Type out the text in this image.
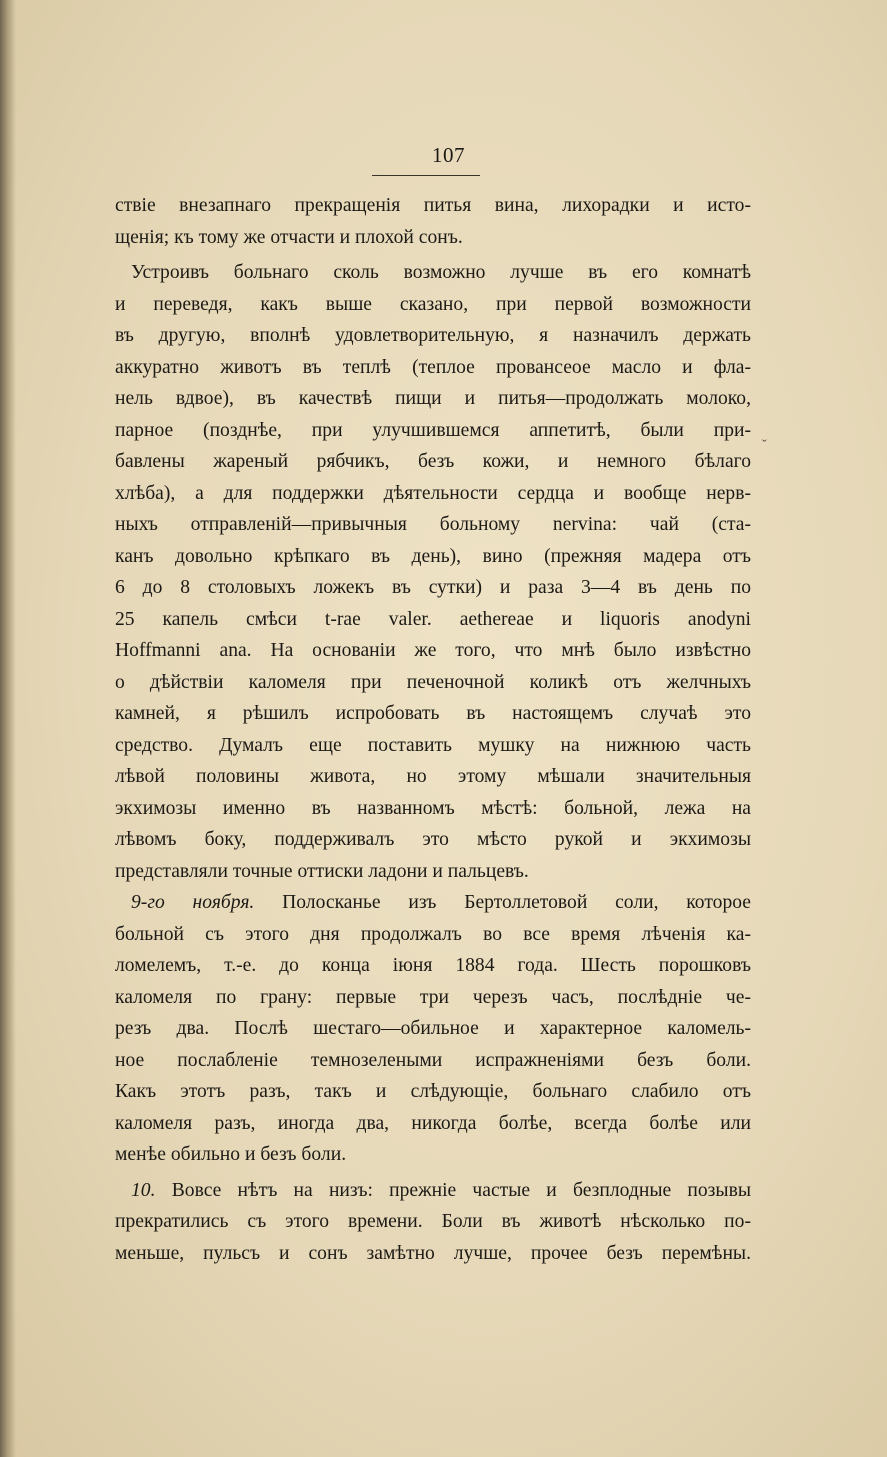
107
ˇ
ствіе внезапнаго прекращенія питья вина, лихорадки и исто-
щенія; къ тому же отчасти и плохой сонъ.
Устроивъ больнаго сколь возможно лучше въ его комнатѣ
и переведя, какъ выше сказано, при первой возможности
въ другую, вполнѣ удовлетворительную, я назначилъ держать
аккуратно животъ въ теплѣ (теплое провансеое масло и фла-
нель вдвое), въ качествѣ пищи и питья—продолжать молоко,
парное (позднѣе, при улучшившемся аппетитѣ, были при-
бавлены жареный рябчикъ, безъ кожи, и немного бѣлаго
хлѣба), а для поддержки дѣятельности сердца и вообще нерв-
ныхъ отправленій—привычныя больному nervina: чай (ста-
канъ довольно крѣпкаго въ день), вино (прежняя мадера отъ
6 до 8 столовыхъ ложекъ въ сутки) и раза 3—4 въ день по
25 капель смѣси t-rae valer. aethereae и liquoris anodyni
Hoffmanni ana. На основаніи же того, что мнѣ было извѣстно
о дѣйствіи каломеля при печеночной коликѣ отъ желчныхъ
камней, я рѣшилъ испробовать въ настоящемъ случаѣ это
средство. Думалъ еще поставить мушку на нижнюю часть
лѣвой половины живота, но этому мѣшали значительныя
экхимозы именно въ названномъ мѣстѣ: больной, лежа на
лѣвомъ боку, поддерживалъ это мѣсто рукой и экхимозы
представляли точные оттиски ладони и пальцевъ.
9-го ноября. Полосканье изъ Бертоллетовой соли, которое
больной съ этого дня продолжалъ во все время лѣченія ка-
ломелемъ, т.-е. до конца іюня 1884 года. Шесть порошковъ
каломеля по грану: первые три черезъ часъ, послѣдніе че-
резъ два. Послѣ шестаго—обильное и характерное каломель-
ное послабленіе темнозелеными испражненіями безъ боли.
Какъ этотъ разъ, такъ и слѣдующіе, больнаго слабило отъ
каломеля разъ, иногда два, никогда болѣе, всегда болѣе или
менѣе обильно и безъ боли.
10. Вовсе нѣтъ на низъ: прежніе частые и безплодные позывы
прекратились съ этого времени. Боли въ животѣ нѣсколько по-
меньше, пульсъ и сонъ замѣтно лучше, прочее безъ перемѣны.
